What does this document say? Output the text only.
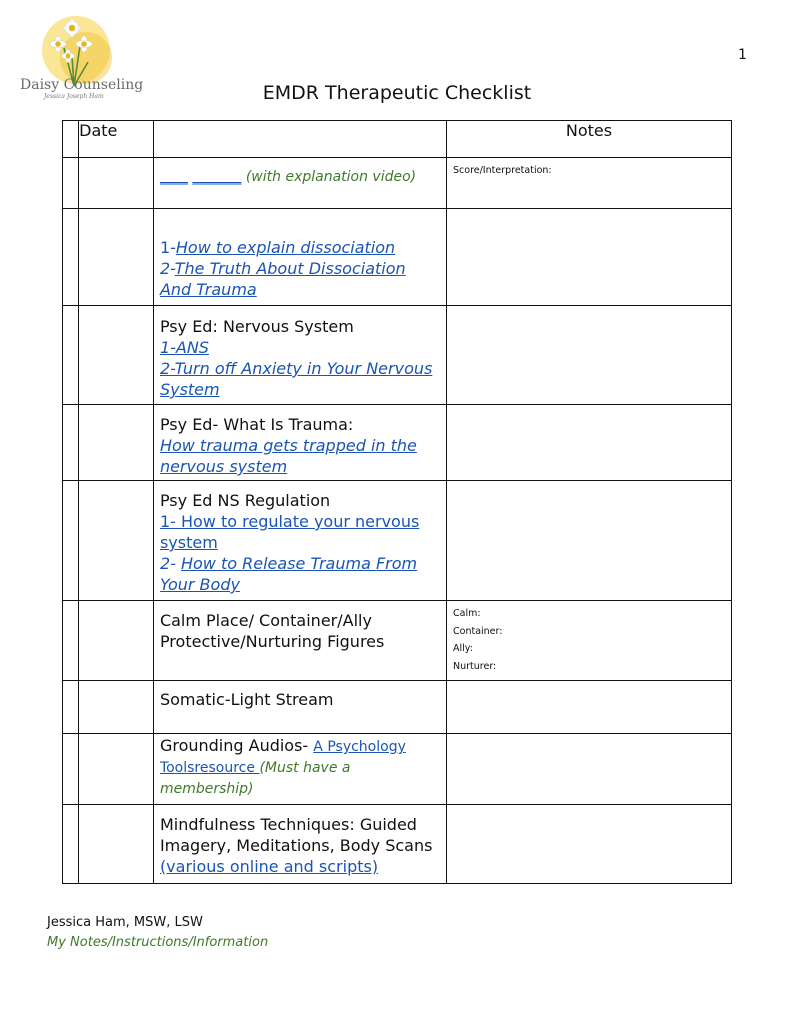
Daisy Counseling
Jessica Joseph Ham
1
EMDR Therapeutic Checklist
	Date		Notes

		____ _______ (with explanation video)	Score/Interpretation:

		1-How to explain dissociation
2-The Truth About Dissociation And Trauma	

		Psy Ed: Nervous System
1-ANS
2-Turn off Anxiety in Your Nervous System	

		Psy Ed- What Is Trauma:
How trauma gets trapped in the nervous system	

		Psy Ed NS Regulation
1- How to regulate your nervous system
2- How to Release Trauma From Your Body	

		Calm Place/ Container/Ally Protective/Nurturing Figures	Calm:
Container:
Ally:
Nurturer:

		Somatic-Light Stream	

		Grounding Audios- A Psychology
Toolsresource (Must have a membership)	

		Mindfulness Techniques: Guided Imagery, Meditations, Body Scans
(various online and scripts)	

Jessica Ham, MSW, LSW
My Notes/Instructions/Information
